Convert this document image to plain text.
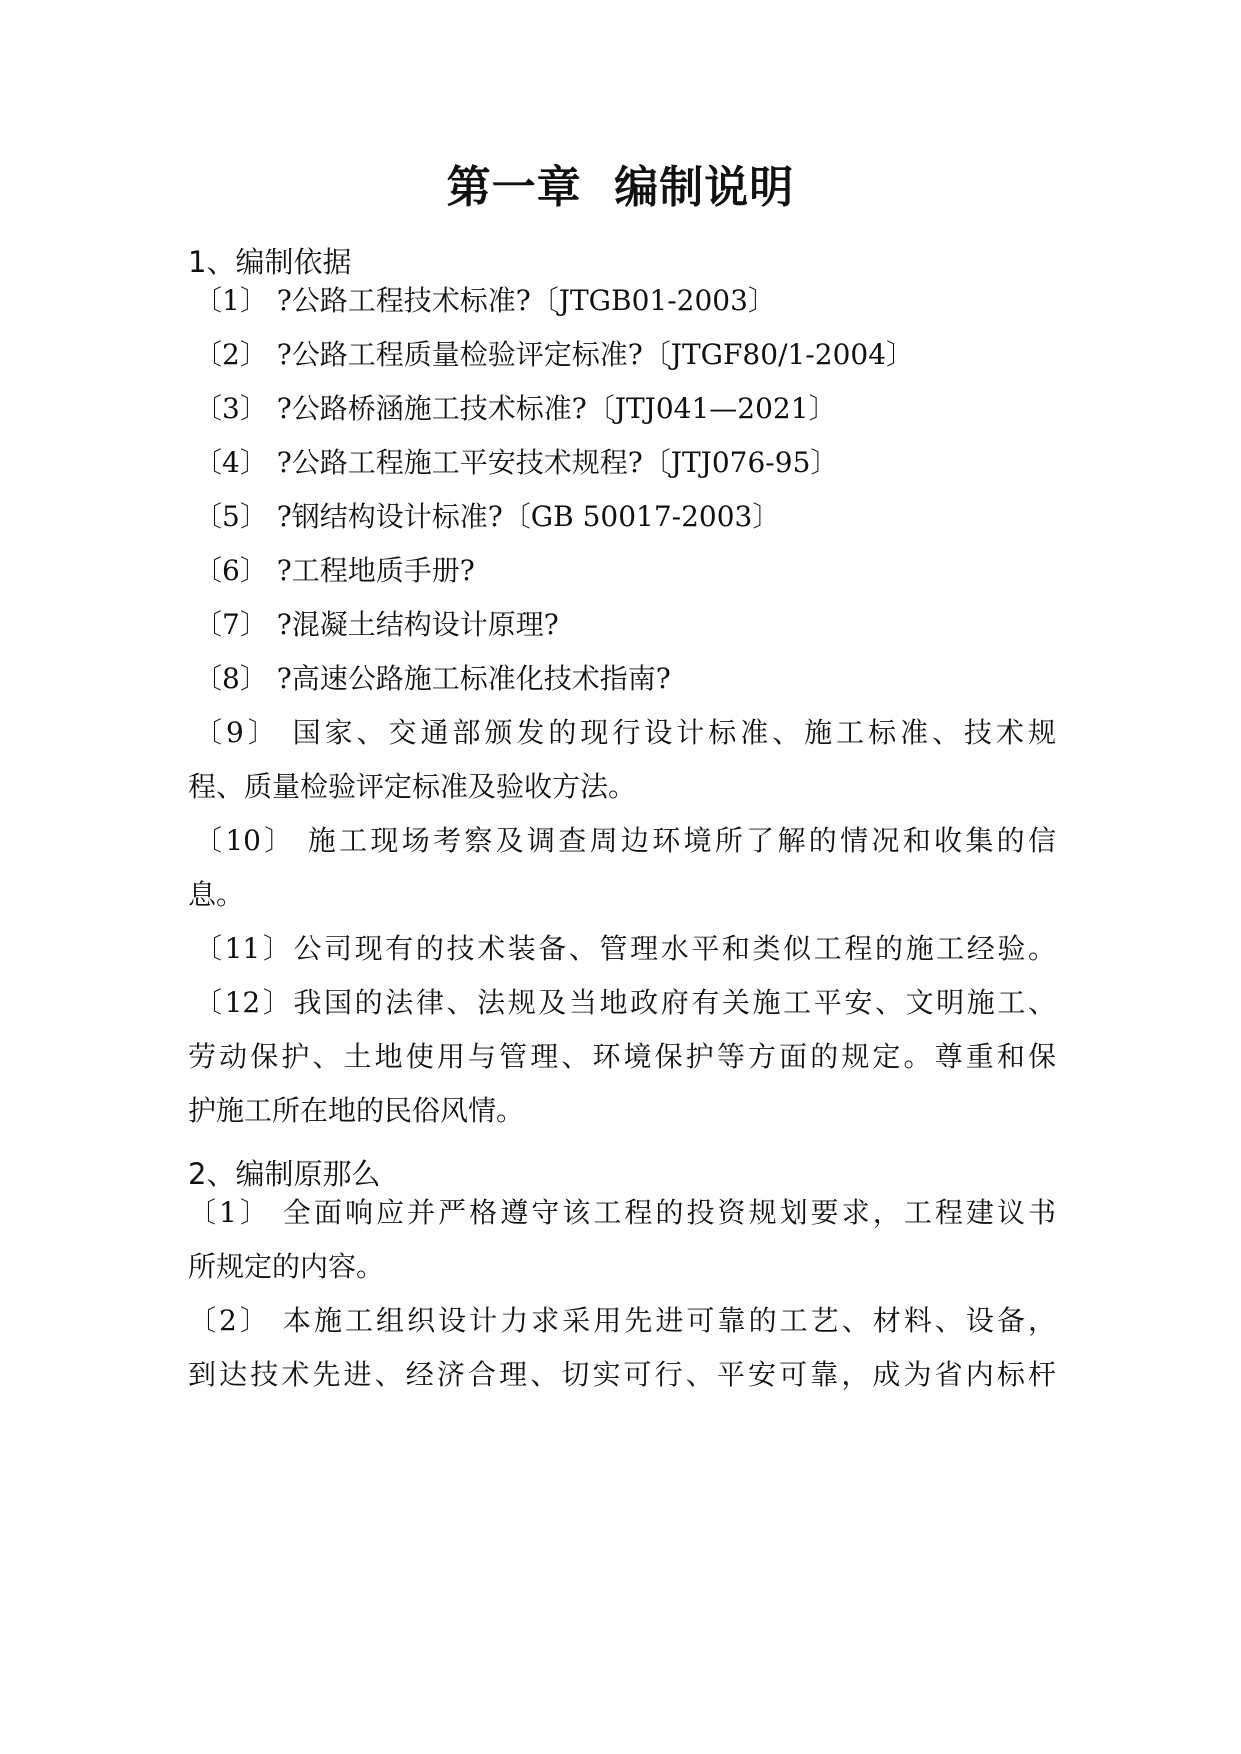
第一章  编制说明
1、编制依据
〔1〕 ?公路工程技术标准?〔JTGB01-2003〕
〔2〕 ?公路工程质量检验评定标准?〔JTGF80/1-2004〕
〔3〕 ?公路桥涵施工技术标准?〔JTJ041—2021〕
〔4〕 ?公路工程施工平安技术规程?〔JTJ076-95〕
〔5〕 ?钢结构设计标准?〔GB 50017-2003〕
〔6〕 ?工程地质手册?
〔7〕 ?混凝土结构设计原理?
〔8〕 ?高速公路施工标准化技术指南?
〔9〕 国家、交通部颁发的现行设计标准、施工标准、技术规
程、质量检验评定标准及验收方法。
〔10〕 施工现场考察及调查周边环境所了解的情况和收集的信
息。
〔11〕公司现有的技术装备、管理水平和类似工程的施工经验。
〔12〕我国的法律、法规及当地政府有关施工平安、文明施工、
劳动保护、土地使用与管理、环境保护等方面的规定。尊重和保
护施工所在地的民俗风情。
2、编制原那么
〔1〕 全面响应并严格遵守该工程的投资规划要求，工程建议书
所规定的内容。
〔2〕 本施工组织设计力求采用先进可靠的工艺、材料、设备，
到达技术先进、经济合理、切实可行、平安可靠，成为省内标杆
